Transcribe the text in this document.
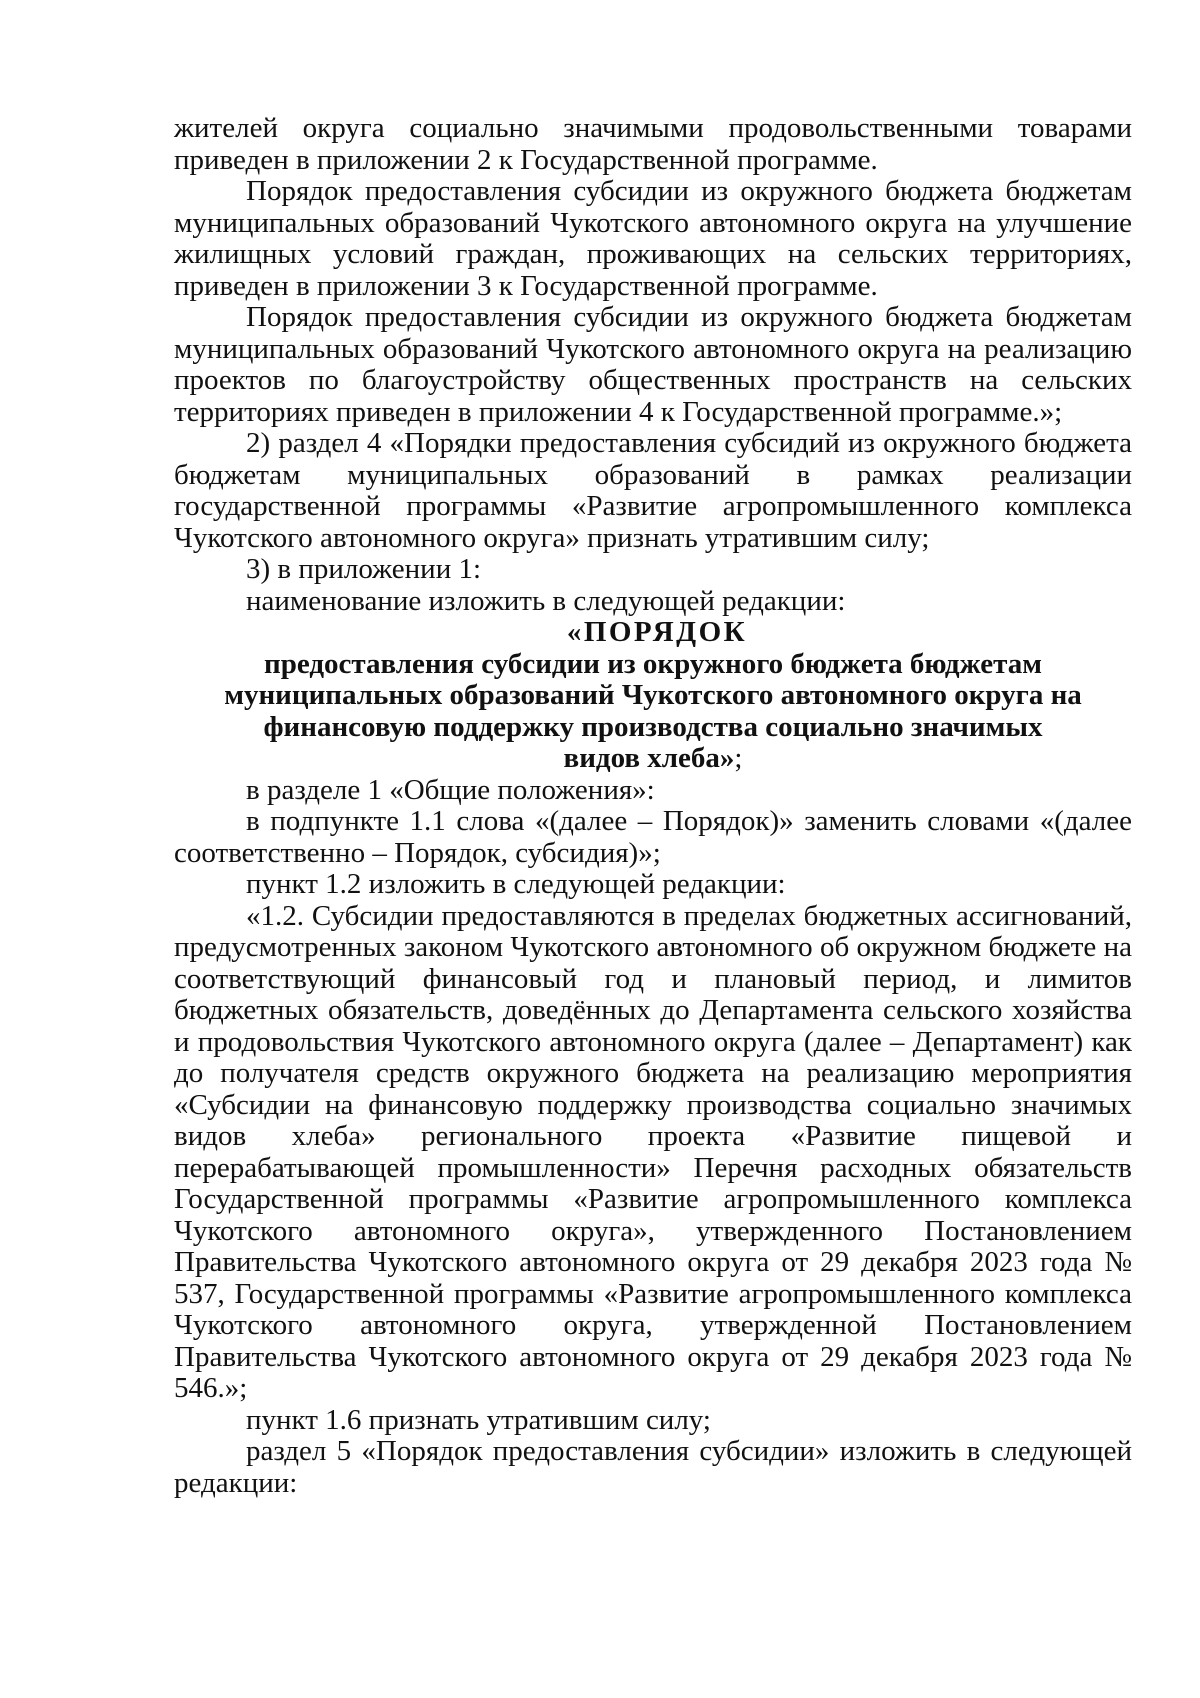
жителей округа социально значимыми продовольственными товарами приведен в приложении 2 к Государственной программе.

Порядок предоставления субсидии из окружного бюджета бюджетам муниципальных образований Чукотского автономного округа на улучшение жилищных условий граждан, проживающих на сельских территориях, приведен в приложении 3 к Государственной программе.

Порядок предоставления субсидии из окружного бюджета бюджетам муниципальных образований Чукотского автономного округа на реализацию проектов по благоустройству общественных пространств на сельских территориях приведен в приложении 4 к Государственной программе.»;

2) раздел 4 «Порядки предоставления субсидий из окружного бюджета бюджетам муниципальных образований в рамках реализации государственной программы «Развитие агропромышленного комплекса Чукотского автономного округа» признать утратившим силу;

3) в приложении 1:

наименование изложить в следующей редакции:

«ПОРЯДОК
предоставления субсидии из окружного бюджета бюджетам
муниципальных образований Чукотского автономного округа на
финансовую поддержку производства социально значимых
видов хлеба»;

в разделе 1 «Общие положения»:

в подпункте 1.1 слова «(далее – Порядок)» заменить словами «(далее соответственно – Порядок, субсидия)»;

пункт 1.2 изложить в следующей редакции:

«1.2. Субсидии предоставляются в пределах бюджетных ассигнований, предусмотренных законом Чукотского автономного об окружном бюджете на соответствующий финансовый год и плановый период, и лимитов бюджетных обязательств, доведённых до Департамента сельского хозяйства и продовольствия Чукотского автономного округа (далее – Департамент) как до получателя средств окружного бюджета на реализацию мероприятия «Субсидии на финансовую поддержку производства социально значимых видов хлеба» регионального проекта «Развитие пищевой и перерабатывающей промышленности» Перечня расходных обязательств Государственной программы «Развитие агропромышленного комплекса Чукотского автономного округа», утвержденного Постановлением Правительства Чукотского автономного округа от 29 декабря 2023 года № 537, Государственной программы «Развитие агропромышленного комплекса Чукотского автономного округа, утвержденной Постановлением Правительства Чукотского автономного округа от 29 декабря 2023 года № 546.»;

пункт 1.6 признать утратившим силу;

раздел 5 «Порядок предоставления субсидии» изложить в следующей редакции:
